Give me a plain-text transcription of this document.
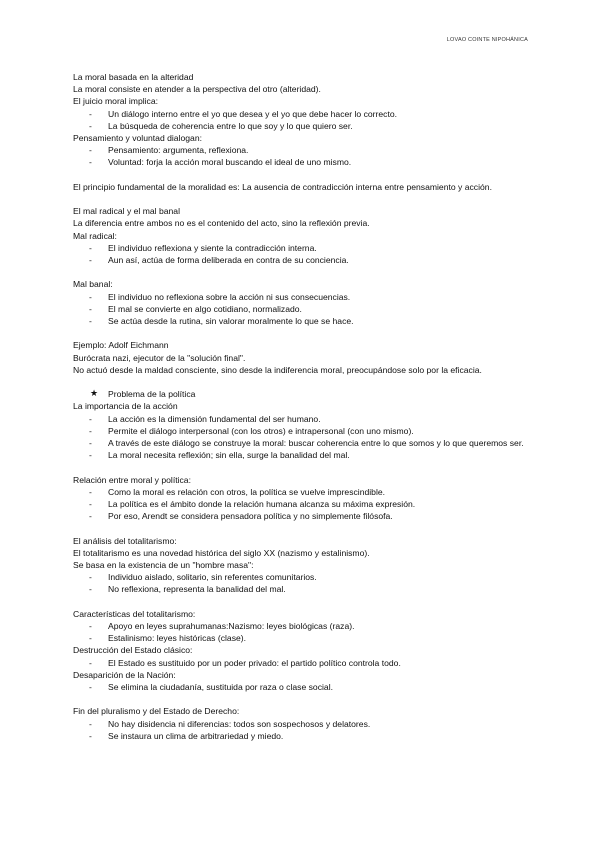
LOVAO COINTE NIPOHÁNICA
La moral basada en la alteridad
La moral consiste en atender a la perspectiva del otro (alteridad).
El juicio moral implica:
- Un diálogo interno entre el yo que desea y el yo que debe hacer lo correcto.
- La búsqueda de coherencia entre lo que soy y lo que quiero ser.
Pensamiento y voluntad dialogan:
- Pensamiento: argumenta, reflexiona.
- Voluntad: forja la acción moral buscando el ideal de uno mismo.
El principio fundamental de la moralidad es: La ausencia de contradicción interna entre pensamiento y acción.
El mal radical y el mal banal
La diferencia entre ambos no es el contenido del acto, sino la reflexión previa.
Mal radical:
- El individuo reflexiona y siente la contradicción interna.
- Aun así, actúa de forma deliberada en contra de su conciencia.
Mal banal:
- El individuo no reflexiona sobre la acción ni sus consecuencias.
- El mal se convierte en algo cotidiano, normalizado.
- Se actúa desde la rutina, sin valorar moralmente lo que se hace.
Ejemplo: Adolf Eichmann
Burócrata nazi, ejecutor de la "solución final".
No actuó desde la maldad consciente, sino desde la indiferencia moral, preocupándose solo por la eficacia.
★ Problema de la política
La importancia de la acción
- La acción es la dimensión fundamental del ser humano.
- Permite el diálogo interpersonal (con los otros) e intrapersonal (con uno mismo).
- A través de este diálogo se construye la moral: buscar coherencia entre lo que somos y lo que queremos ser.
- La moral necesita reflexión; sin ella, surge la banalidad del mal.
Relación entre moral y política:
- Como la moral es relación con otros, la política se vuelve imprescindible.
- La política es el ámbito donde la relación humana alcanza su máxima expresión.
- Por eso, Arendt se considera pensadora política y no simplemente filósofa.
El análisis del totalitarismo:
El totalitarismo es una novedad histórica del siglo XX (nazismo y estalinismo).
Se basa en la existencia de un "hombre masa":
- Individuo aislado, solitario, sin referentes comunitarios.
- No reflexiona, representa la banalidad del mal.
Características del totalitarismo:
- Apoyo en leyes suprahumanas:Nazismo: leyes biológicas (raza).
- Estalinismo: leyes históricas (clase).
Destrucción del Estado clásico:
- El Estado es sustituido por un poder privado: el partido político controla todo.
Desaparición de la Nación:
- Se elimina la ciudadanía, sustituida por raza o clase social.
Fin del pluralismo y del Estado de Derecho:
- No hay disidencia ni diferencias: todos son sospechosos y delatores.
- Se instaura un clima de arbitrariedad y miedo.
